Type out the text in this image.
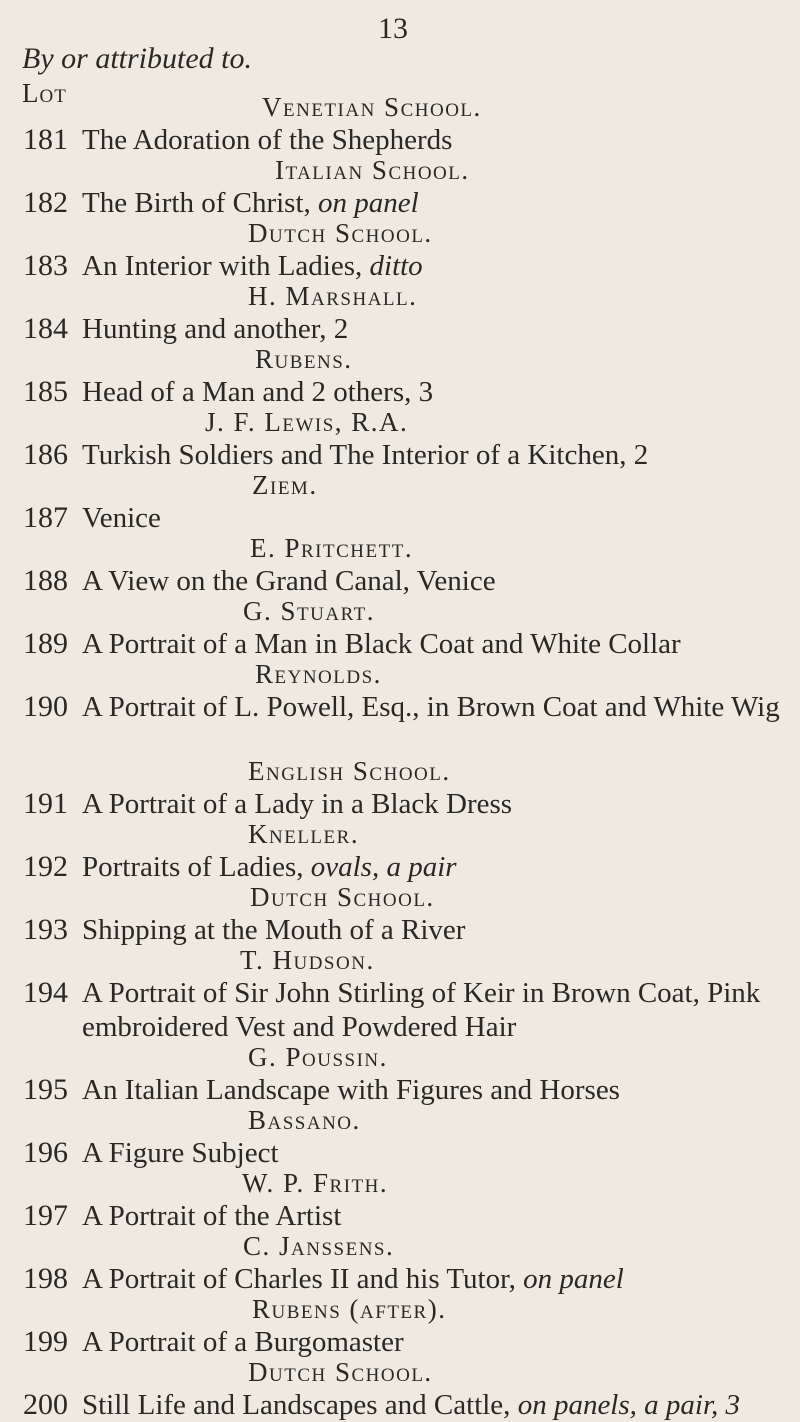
13
By or attributed to.
Lot	Venetian School.
181 The Adoration of the Shepherds
Italian School.
182 The Birth of Christ, on panel
Dutch School.
183 An Interior with Ladies, ditto
H. Marshall.
184 Hunting and another, 2
Rubens.
185 Head of a Man and 2 others, 3
J. F. Lewis, R.A.
186 Turkish Soldiers and The Interior of a Kitchen, 2
Ziem.
187 Venice
E. Pritchett.
188 A View on the Grand Canal, Venice
G. Stuart.
189 A Portrait of a Man in Black Coat and White Collar
Reynolds.
190 A Portrait of L. Powell, Esq., in Brown Coat and White Wig
English School.
191 A Portrait of a Lady in a Black Dress
Kneller.
192 Portraits of Ladies, ovals, a pair
Dutch School.
193 Shipping at the Mouth of a River
T. Hudson.
194 A Portrait of Sir John Stirling of Keir in Brown Coat, Pink embroidered Vest and Powdered Hair
G. Poussin.
195 An Italian Landscape with Figures and Horses
Bassano.
196 A Figure Subject
W. P. Frith.
197 A Portrait of the Artist
C. Janssens.
198 A Portrait of Charles II and his Tutor, on panel
Rubens (after).
199 A Portrait of a Burgomaster
Dutch School.
200 Still Life and Landscapes and Cattle, on panels, a pair, 3
